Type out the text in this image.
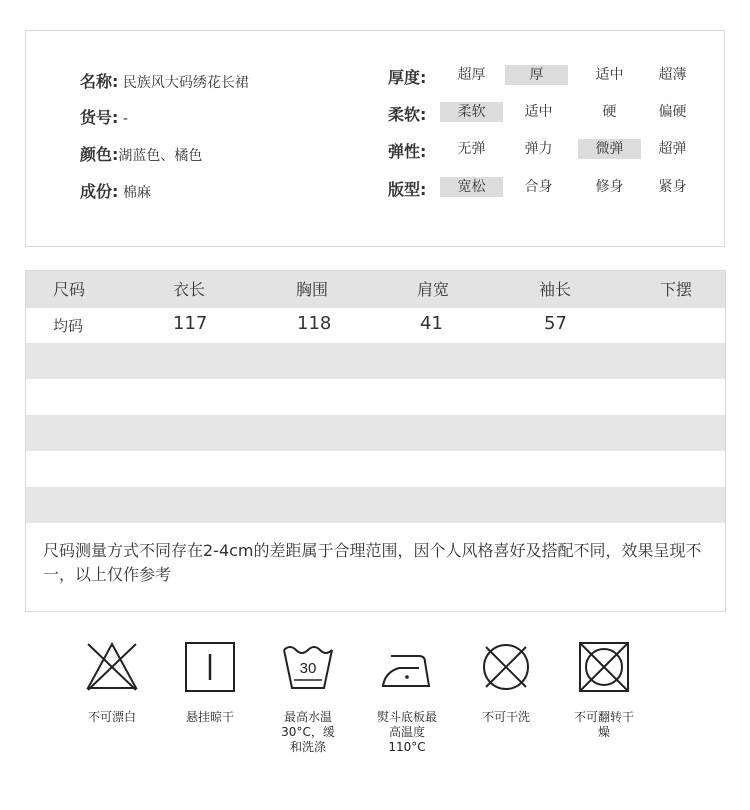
名称: 民族风大码绣花长裙
货号: -
颜色:湖蓝色、橘色
成份: 棉麻
厚度:	超厚	厚	适中	超薄
柔软:	柔软	适中	硬	偏硬
弹性:	无弹	弹力	微弹	超弹
版型:	宽松	合身	修身	紧身
尺码	衣长	胸围	肩宽	袖长	下摆
均码	117	118	41	57
尺码测量方式不同存在2-4cm的差距属于合理范围，因个人风格喜好及搭配不同，效果呈现不一，以上仅作参考
不可漂白	悬挂晾干
30
最高水温
30°C，缓
和洗涤
熨斗底板最
高温度
110°C
不可干洗	不可翻转干
燥
